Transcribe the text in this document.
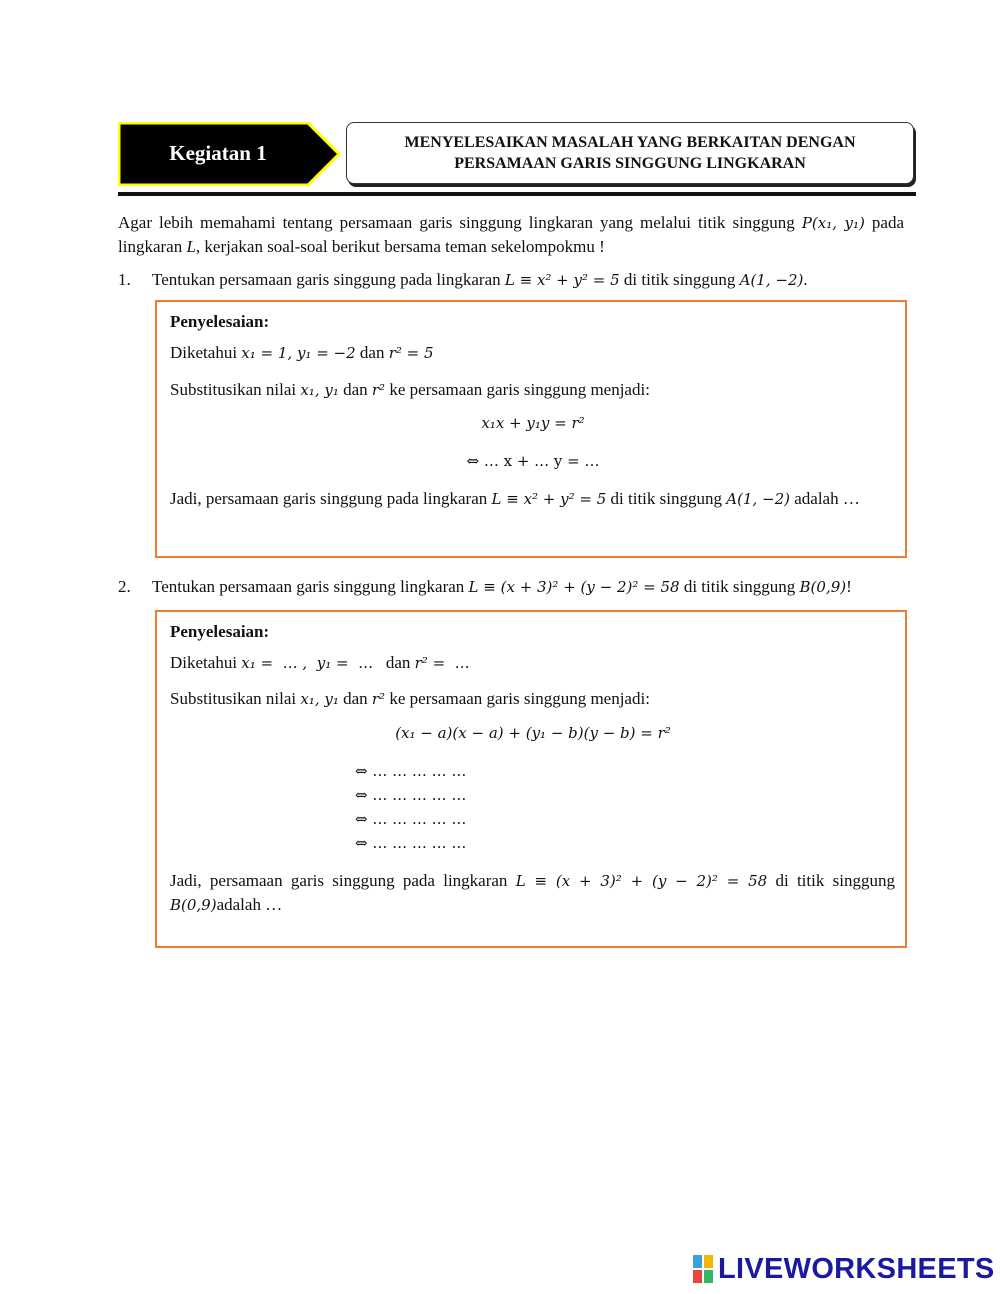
Kegiatan 1	MENYELESAIKAN MASALAH YANG BERKAITAN DENGAN
PERSAMAAN GARIS SINGGUNG LINGKARAN
Agar lebih memahami tentang persamaan garis singgung lingkaran yang melalui titik singgung P(x₁, y₁) pada lingkaran L, kerjakan soal-soal berikut bersama teman sekelompokmu !
1. Tentukan persamaan garis singgung pada lingkaran L ≡ x² + y² = 5 di titik singgung A(1, −2).
Penyelesaian:
Diketahui x₁ = 1, y₁ = −2 dan r² = 5
Substitusikan nilai x₁, y₁ dan r² ke persamaan garis singgung menjadi:
x₁x + y₁y = r²
⇔ … x + … y = …
Jadi, persamaan garis singgung pada lingkaran L ≡ x² + y² = 5 di titik singgung A(1, −2) adalah …
2. Tentukan persamaan garis singgung lingkaran L ≡ (x + 3)² + (y − 2)² = 58 di titik singgung B(0,9)!
Penyelesaian:
Diketahui x₁ =  … ,  y₁ =  …   dan r² =  …
Substitusikan nilai x₁, y₁ dan r² ke persamaan garis singgung menjadi:
(x₁ − a)(x − a) + (y₁ − b)(y − b) = r²
⇔ … … … … …
⇔ … … … … …
⇔ … … … … …
⇔ … … … … …
Jadi, persamaan garis singgung pada lingkaran L ≡ (x + 3)² + (y − 2)² = 58 di titik singgung B(0,9)adalah …
LIVEWORKSHEETS
